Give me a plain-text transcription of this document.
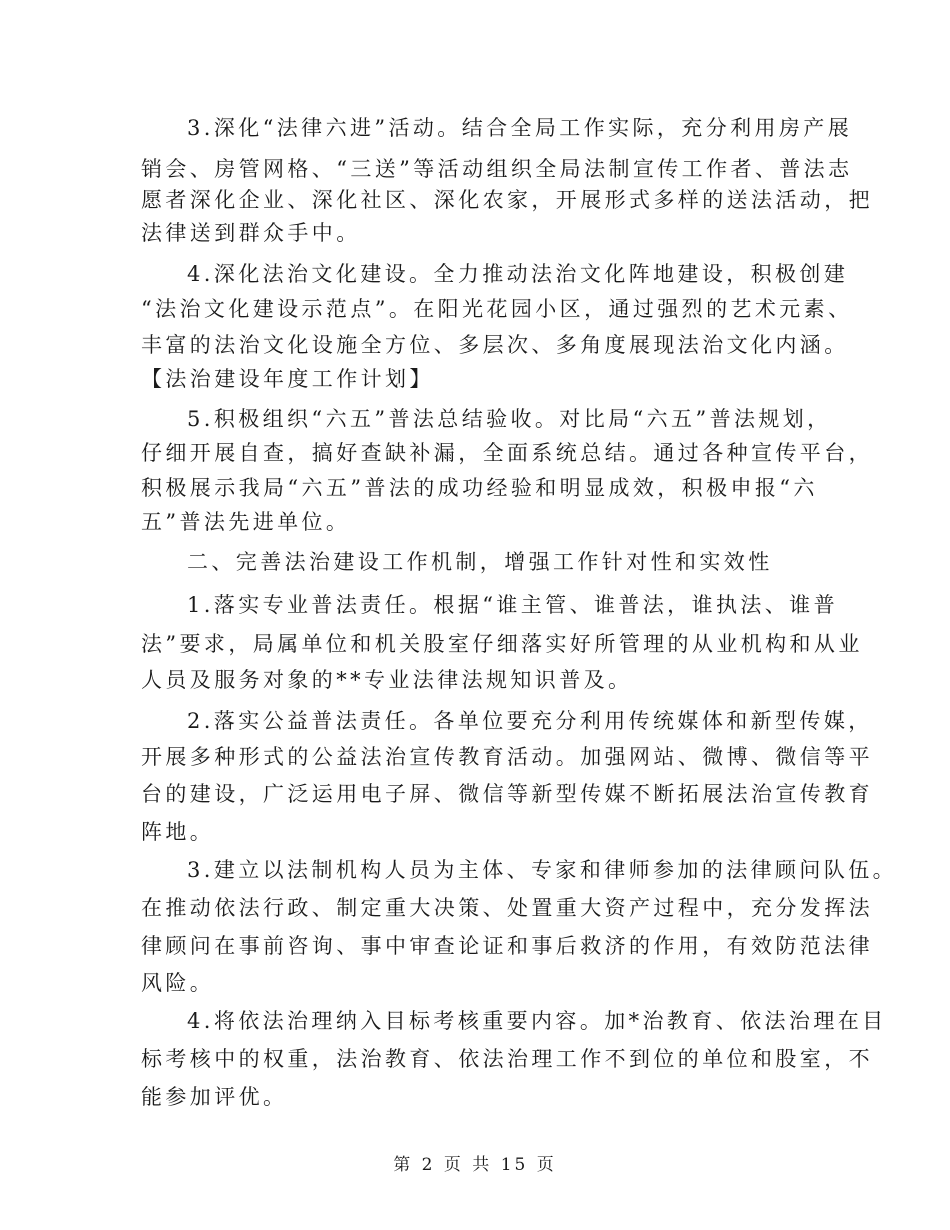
3.深化“法律六进”活动。结合全局工作实际，充分利用房产展
销会、房管网格、“三送”等活动组织全局法制宣传工作者、普法志
愿者深化企业、深化社区、深化农家，开展形式多样的送法活动，把
法律送到群众手中。
4.深化法治文化建设。全力推动法治文化阵地建设，积极创建
“法治文化建设示范点”。在阳光花园小区，通过强烈的艺术元素、
丰富的法治文化设施全方位、多层次、多角度展现法治文化内涵。
【法治建设年度工作计划】
5.积极组织“六五”普法总结验收。对比局“六五”普法规划，
仔细开展自查，搞好查缺补漏，全面系统总结。通过各种宣传平台，
积极展示我局“六五”普法的成功经验和明显成效，积极申报“六
五”普法先进单位。
二、完善法治建设工作机制，增强工作针对性和实效性
1.落实专业普法责任。根据“谁主管、谁普法，谁执法、谁普
法”要求，局属单位和机关股室仔细落实好所管理的从业机构和从业
人员及服务对象的**专业法律法规知识普及。
2.落实公益普法责任。各单位要充分利用传统媒体和新型传媒，
开展多种形式的公益法治宣传教育活动。加强网站、微博、微信等平
台的建设，广泛运用电子屏、微信等新型传媒不断拓展法治宣传教育
阵地。
3.建立以法制机构人员为主体、专家和律师参加的法律顾问队伍。
在推动依法行政、制定重大决策、处置重大资产过程中，充分发挥法
律顾问在事前咨询、事中审查论证和事后救济的作用，有效防范法律
风险。
4.将依法治理纳入目标考核重要内容。加*治教育、依法治理在目
标考核中的权重，法治教育、依法治理工作不到位的单位和股室，不
能参加评优。
第 2 页 共 15 页
